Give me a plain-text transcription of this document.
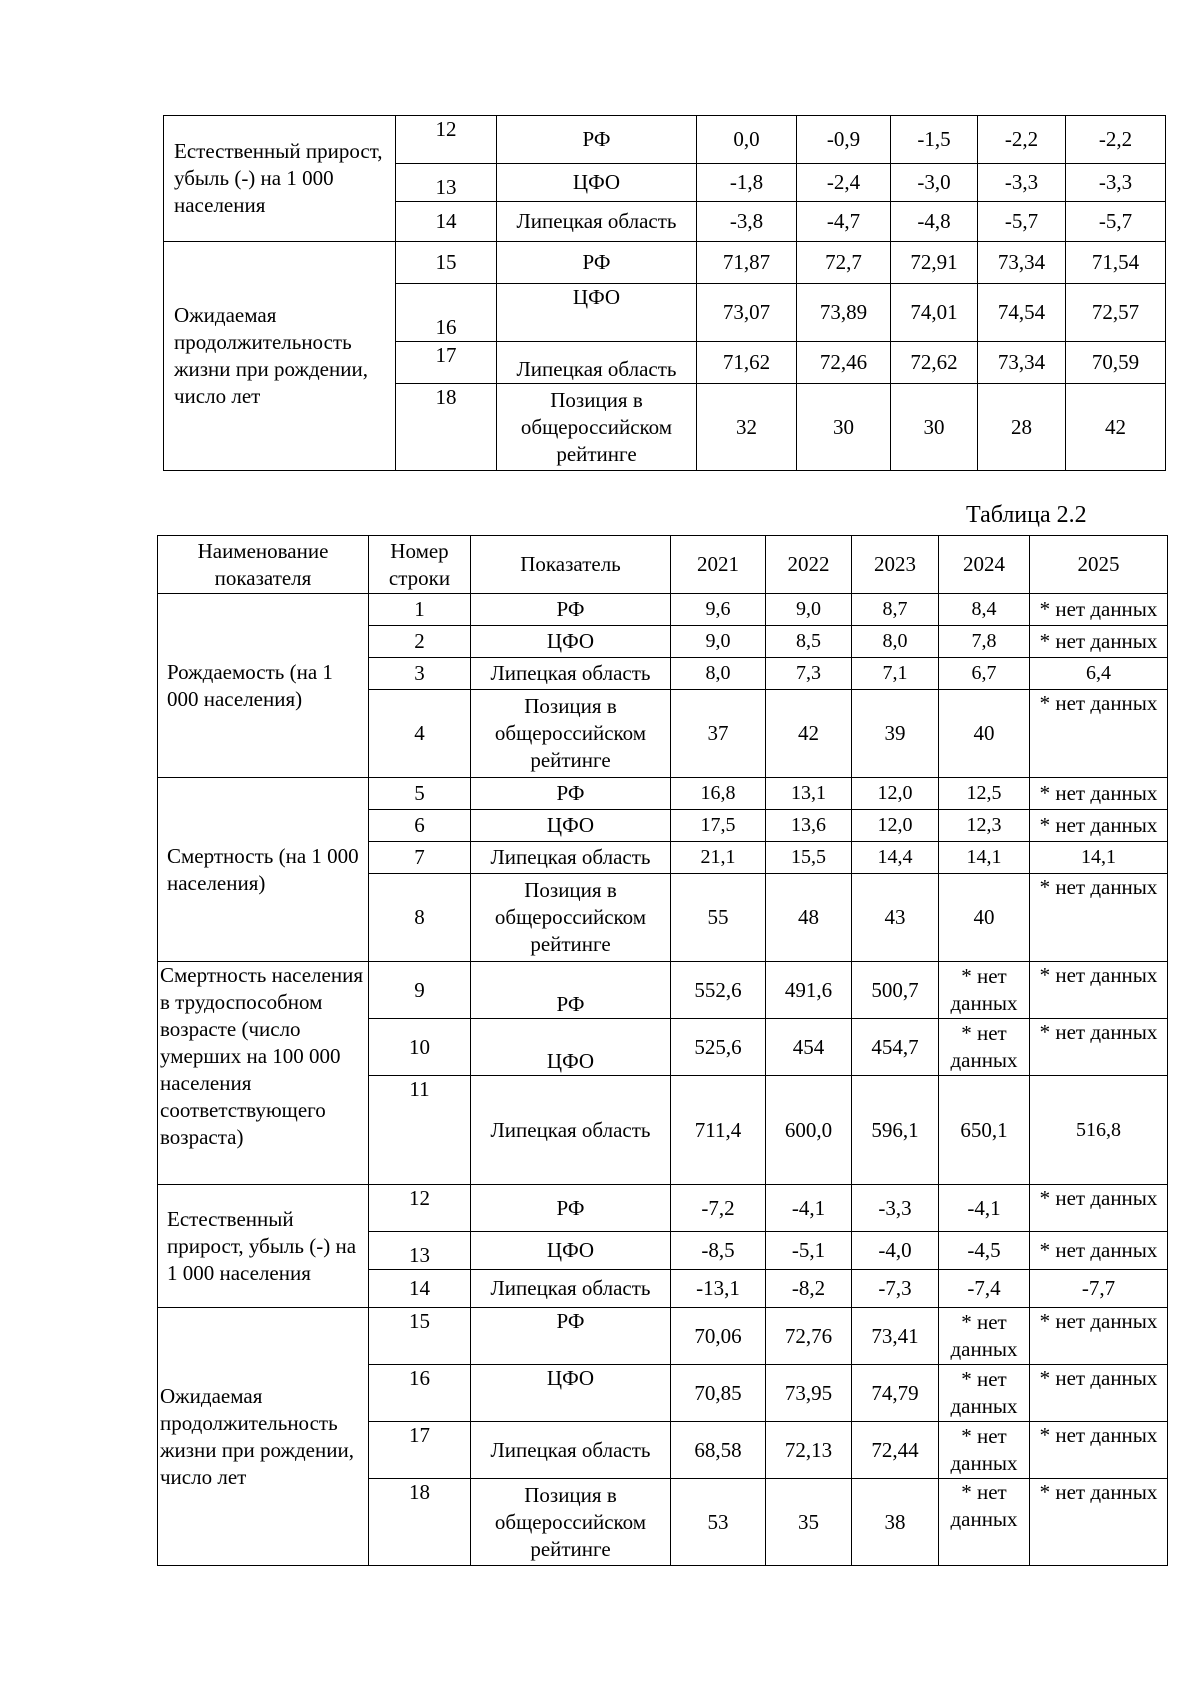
Естественный прирост, убыль (-) на 1 000 населения	12	РФ	0,0	-0,9	-1,5	-2,2	-2,2
	13	ЦФО	-1,8	-2,4	-3,0	-3,3	-3,3
	14	Липецкая область	-3,8	-4,7	-4,8	-5,7	-5,7
Ожидаемая продолжительность жизни при рождении, число лет	15	РФ	71,87	72,7	72,91	73,34	71,54
	16	ЦФО	73,07	73,89	74,01	74,54	72,57
	17	Липецкая область	71,62	72,46	72,62	73,34	70,59
	18	Позиция в общероссийском рейтинге	32	30	30	28	42
Таблица 2.2
Наименование показателя	Номер строки	Показатель	2021	2022	2023	2024	2025
Рождаемость (на 1 000 населения)	1	РФ	9,6	9,0	8,7	8,4	* нет данных
	2	ЦФО	9,0	8,5	8,0	7,8	* нет данных
	3	Липецкая область	8,0	7,3	7,1	6,7	6,4
	4	Позиция в общероссийском рейтинге	37	42	39	40	* нет данных
Смертность (на 1 000 населения)	5	РФ	16,8	13,1	12,0	12,5	* нет данных
	6	ЦФО	17,5	13,6	12,0	12,3	* нет данных
	7	Липецкая область	21,1	15,5	14,4	14,1	14,1
	8	Позиция в общероссийском рейтинге	55	48	43	40	* нет данных
Смертность населения в трудоспособном возрасте (число умерших на 100 000 населения соответствующего возраста)	9	РФ	552,6	491,6	500,7	* нет данных	* нет данных
	10	ЦФО	525,6	454	454,7	* нет данных	* нет данных
	11	Липецкая область	711,4	600,0	596,1	650,1	516,8
Естественный прирост, убыль (-) на 1 000 населения	12	РФ	-7,2	-4,1	-3,3	-4,1	* нет данных
	13	ЦФО	-8,5	-5,1	-4,0	-4,5	* нет данных
	14	Липецкая область	-13,1	-8,2	-7,3	-7,4	-7,7
Ожидаемая продолжительность жизни при рождении, число лет	15	РФ	70,06	72,76	73,41	* нет данных	* нет данных
	16	ЦФО	70,85	73,95	74,79	* нет данных	* нет данных
	17	Липецкая область	68,58	72,13	72,44	* нет данных	* нет данных
	18	Позиция в общероссийском рейтинге	53	35	38	* нет данных	* нет данных
